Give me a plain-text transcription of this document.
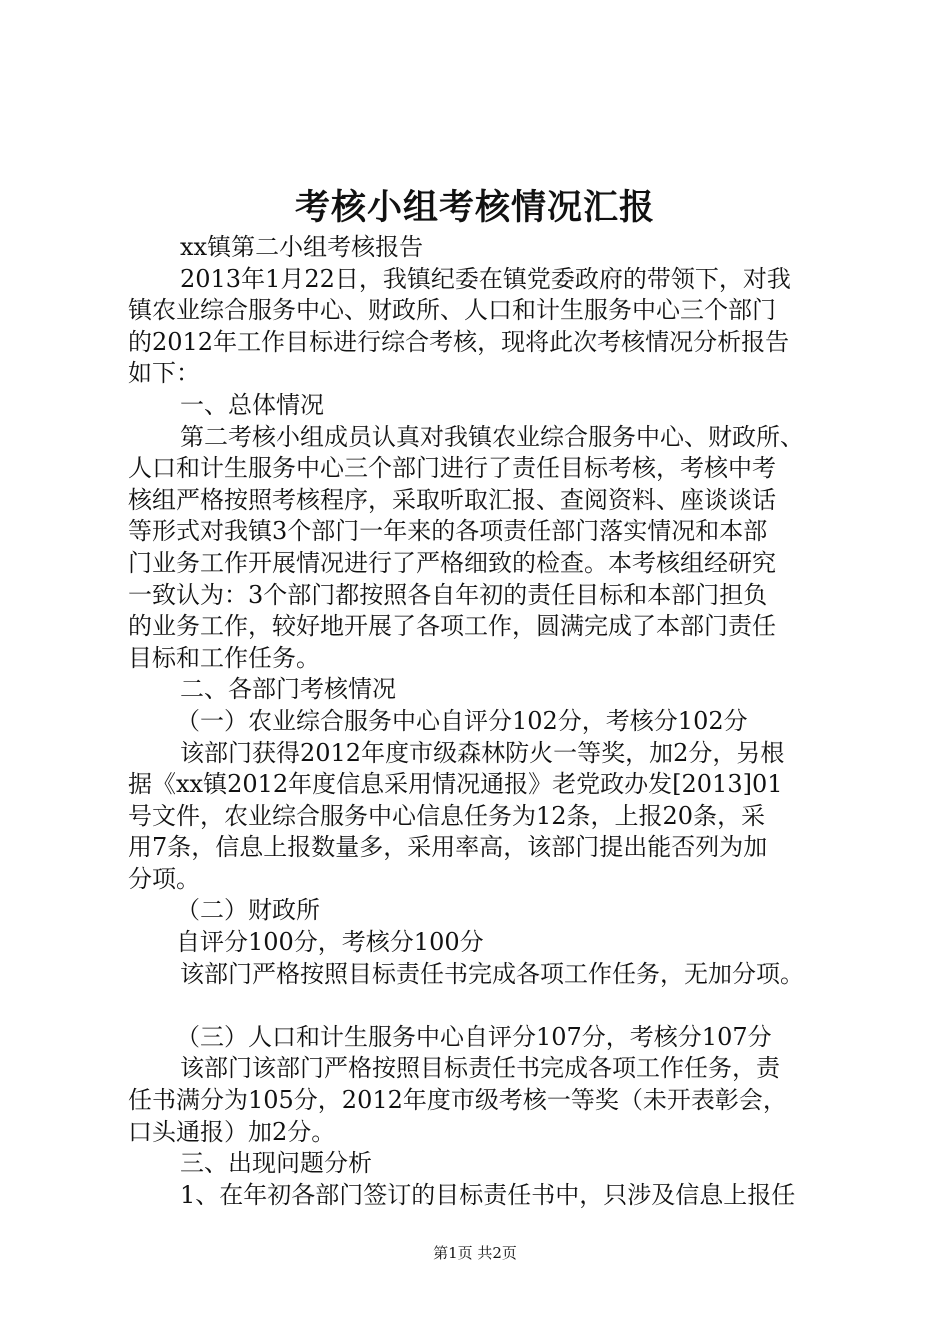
考核小组考核情况汇报
xx镇第二小组考核报告
2013年1月22日，我镇纪委在镇党委政府的带领下，对我
镇农业综合服务中心、财政所、人口和计生服务中心三个部门
的2012年工作目标进行综合考核，现将此次考核情况分析报告
如下：
一、总体情况
第二考核小组成员认真对我镇农业综合服务中心、财政所、
人口和计生服务中心三个部门进行了责任目标考核，考核中考
核组严格按照考核程序，采取听取汇报、查阅资料、座谈谈话
等形式对我镇3个部门一年来的各项责任部门落实情况和本部
门业务工作开展情况进行了严格细致的检查。本考核组经研究
一致认为：3个部门都按照各自年初的责任目标和本部门担负
的业务工作，较好地开展了各项工作，圆满完成了本部门责任
目标和工作任务。
二、各部门考核情况
（一）农业综合服务中心自评分102分，考核分102分
该部门获得2012年度市级森林防火一等奖，加2分，另根
据《xx镇2012年度信息采用情况通报》老党政办发[2013]01
号文件，农业综合服务中心信息任务为12条，上报20条，采
用7条，信息上报数量多，采用率高，该部门提出能否列为加
分项。
（二）财政所
自评分100分，考核分100分
该部门严格按照目标责任书完成各项工作任务，无加分项。
（三）人口和计生服务中心自评分107分，考核分107分
该部门该部门严格按照目标责任书完成各项工作任务，责
任书满分为105分，2012年度市级考核一等奖（未开表彰会，
口头通报）加2分。
三、出现问题分析
1、在年初各部门签订的目标责任书中，只涉及信息上报任
第1页 共2页
